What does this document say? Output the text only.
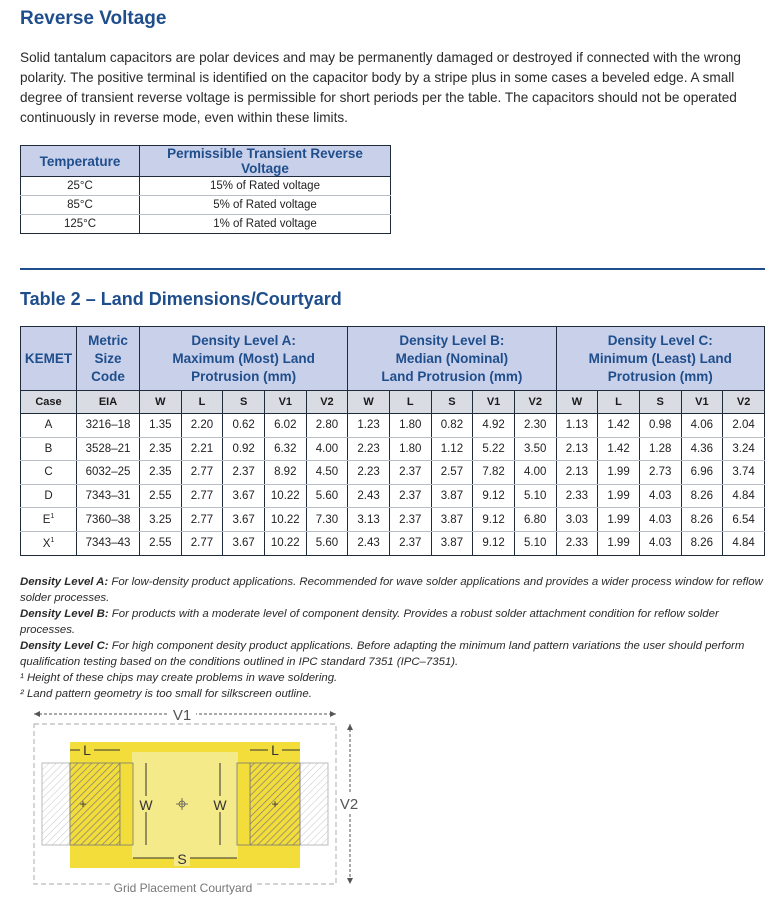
Reverse Voltage

Solid tantalum capacitors are polar devices and may be permanently damaged or destroyed if connected with the wrong polarity. The positive terminal is identified on the capacitor body by a stripe plus in some cases a beveled edge. A small degree of transient reverse voltage is permissible for short periods per the table. The capacitors should not be operated continuously in reverse mode, even within these limits.

Temperature	Permissible Transient Reverse Voltage
25°C	15% of Rated voltage
85°C	5% of Rated voltage
125°C	1% of Rated voltage
Table 2 – Land Dimensions/Courtyard
KEMET	Metric Size Code	Density Level A: Maximum (Most) Land Protrusion (mm)					Density Level B: Median (Nominal) Land Protrusion (mm)					Density Level C: Minimum (Least) Land Protrusion (mm)				
Case	EIA	W	L	S	V1	V2	W	L	S	V1	V2	W	L	S	V1	V2
A	3216–18	1.35	2.20	0.62	6.02	2.80	1.23	1.80	0.82	4.92	2.30	1.13	1.42	0.98	4.06	2.04
B	3528–21	2.35	2.21	0.92	6.32	4.00	2.23	1.80	1.12	5.22	3.50	2.13	1.42	1.28	4.36	3.24
C	6032–25	2.35	2.77	2.37	8.92	4.50	2.23	2.37	2.57	7.82	4.00	2.13	1.99	2.73	6.96	3.74
D	7343–31	2.55	2.77	3.67	10.22	5.60	2.43	2.37	3.87	9.12	5.10	2.33	1.99	4.03	8.26	4.84
$E^1$	7360–38	3.25	2.77	3.67	10.22	7.30	3.13	2.37	3.87	9.12	6.80	3.03	1.99	4.03	8.26	6.54
$X^1$	7343–43	2.55	2.77	3.67	10.22	5.60	2.43	2.37	3.87	9.12	5.10	2.33	1.99	4.03	8.26	4.84

Density Level A: For low-density product applications. Recommended for wave solder applications and provides a wider process window for reflow solder processes.

Density Level B: For products with a moderate level of component density. Provides a robust solder attachment condition for reflow solder processes.

Density Level C: For high component desity product applications. Before adapting the minimum land pattern variations the user should perform qualification testing based on the conditions outlined in IPC standard 7351 (IPC–7351).

¹ Height of these chips may create problems in wave soldering.

² Land pattern geometry is too small for silkscreen outline.

V1
V2
+	+
L	L
W	W
S
Grid Placement Courtyard
